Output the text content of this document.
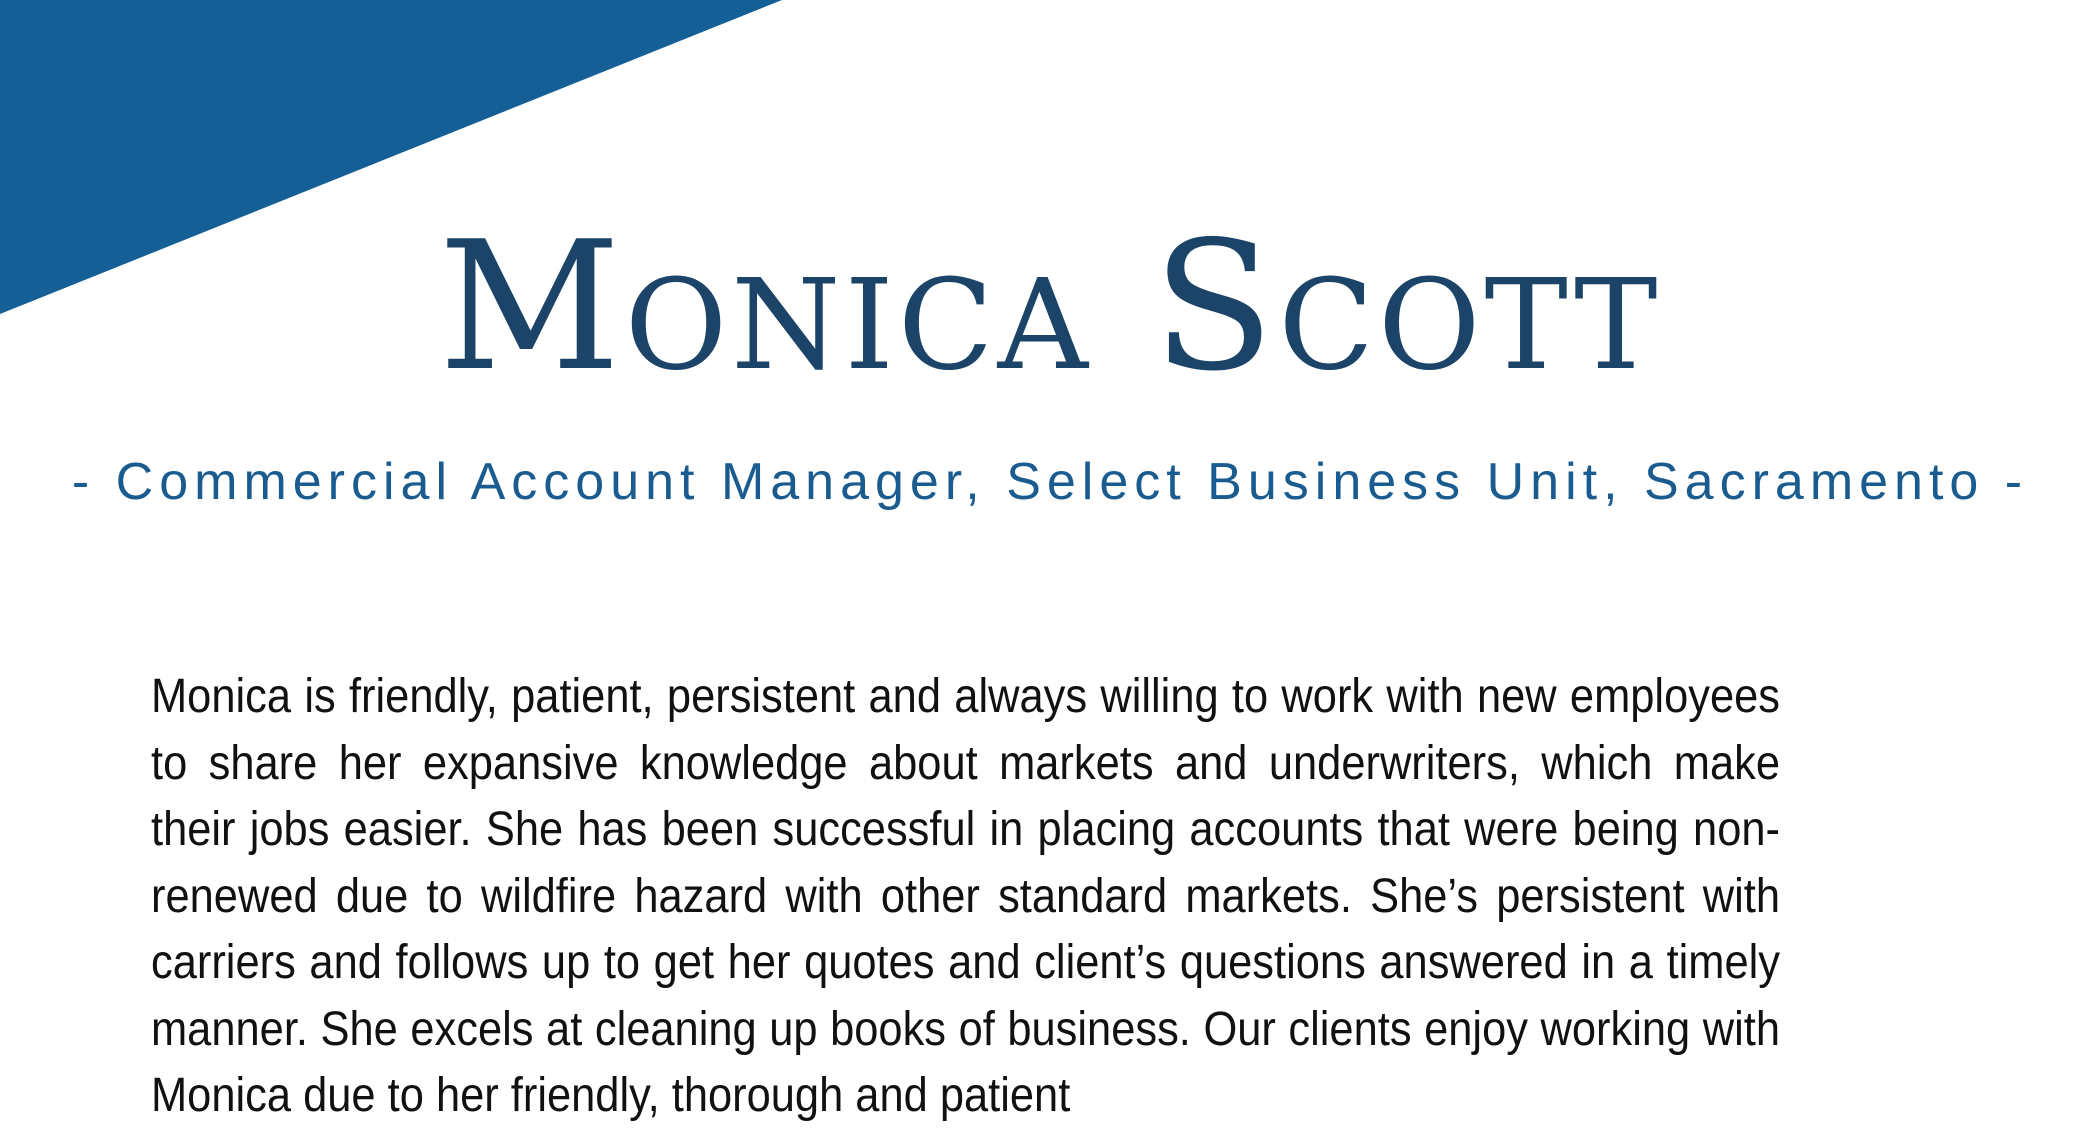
Monica Scott
- Commercial Account Manager, Select Business Unit, Sacramento -

Monica is friendly, patient, persistent and always willing to work with new employees to share her expansive knowledge about markets and underwriters, which make their jobs easier. She has been successful in placing accounts that were being non-renewed due to wildfire hazard with other standard markets. She’s persistent with carriers and follows up to get her quotes and client’s questions answered in a timely manner. She excels at cleaning up books of business. Our clients enjoy working with Monica due to her friendly, thorough and patient
